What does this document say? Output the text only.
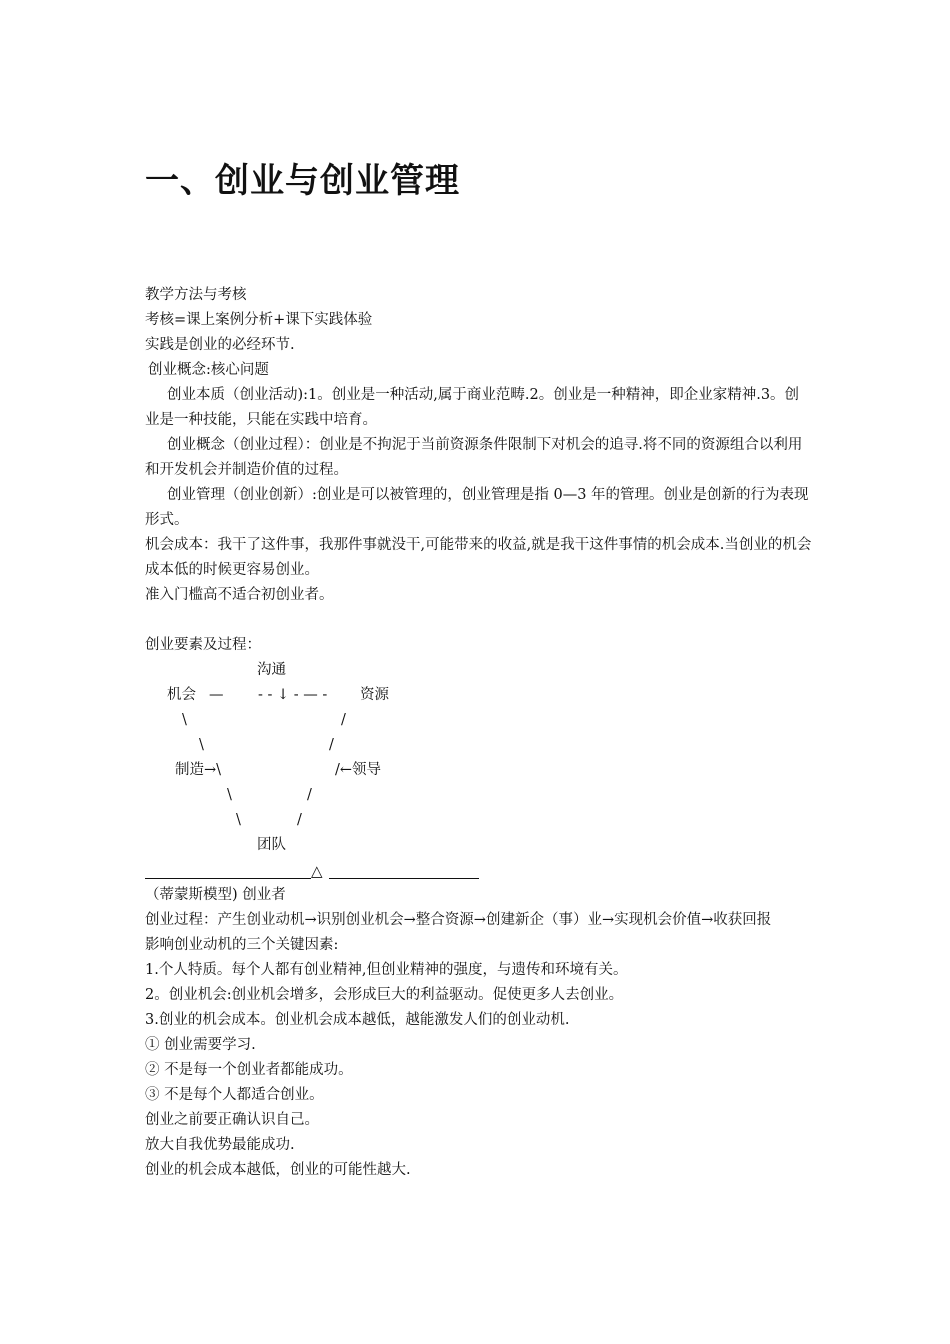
一、创业与创业管理

教学方法与考核

考核=课上案例分析+课下实践体验

实践是创业的必经环节.

创业概念:核心问题

创业本质（创业活动):1。创业是一种活动,属于商业范畴.2。创业是一种精神，即企业家精神.3。创业是一种技能，只能在实践中培育。

创业概念（创业过程）：创业是不拘泥于当前资源条件限制下对机会的追寻.将不同的资源组合以利用和开发机会并制造价值的过程。

创业管理（创业创新）:创业是可以被管理的，创业管理是指 0—3 年的管理。创业是创新的行为表现形式。

机会成本：我干了这件事，我那件事就没干,可能带来的收益,就是我干这件事情的机会成本.当创业的机会成本低的时候更容易创业。

准入门槛高不适合初创业者。

创业要素及过程：

沟通
机会 — - - ↓ - — - 资源
\	/
\	/
制造→\	/←领导
\	/
\	/
团队
△

（蒂蒙斯模型) 创业者

创业过程：产生创业动机→识别创业机会→整合资源→创建新企（事）业→实现机会价值→收获回报

影响创业动机的三个关键因素:

1.个人特质。每个人都有创业精神,但创业精神的强度，与遗传和环境有关。

2。创业机会:创业机会增多，会形成巨大的利益驱动。促使更多人去创业。

3.创业的机会成本。创业机会成本越低，越能激发人们的创业动机.

① 创业需要学习.

② 不是每一个创业者都能成功。

③ 不是每个人都适合创业。

创业之前要正确认识自己。

放大自我优势最能成功.

创业的机会成本越低，创业的可能性越大.
